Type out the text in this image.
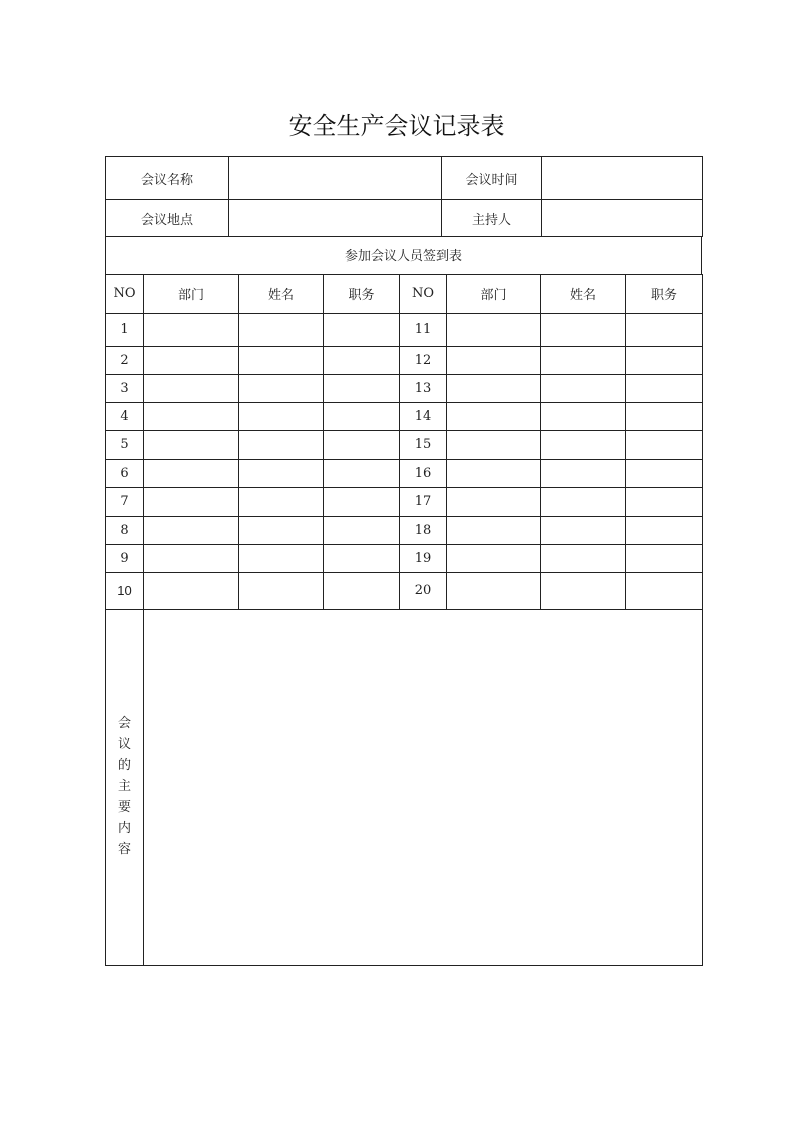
安全生产会议记录表
会议名称		会议时间	
会议地点		主持人	
参加会议人员签到表
NO	部门	姓名	职务	NO	部门	姓名	职务
1				11			
2				12			
3				13			
4				14			
5				15			
6				16			
7				17			
8				18			
9				19			
10				20			
会
议
的
主
要
内
容
